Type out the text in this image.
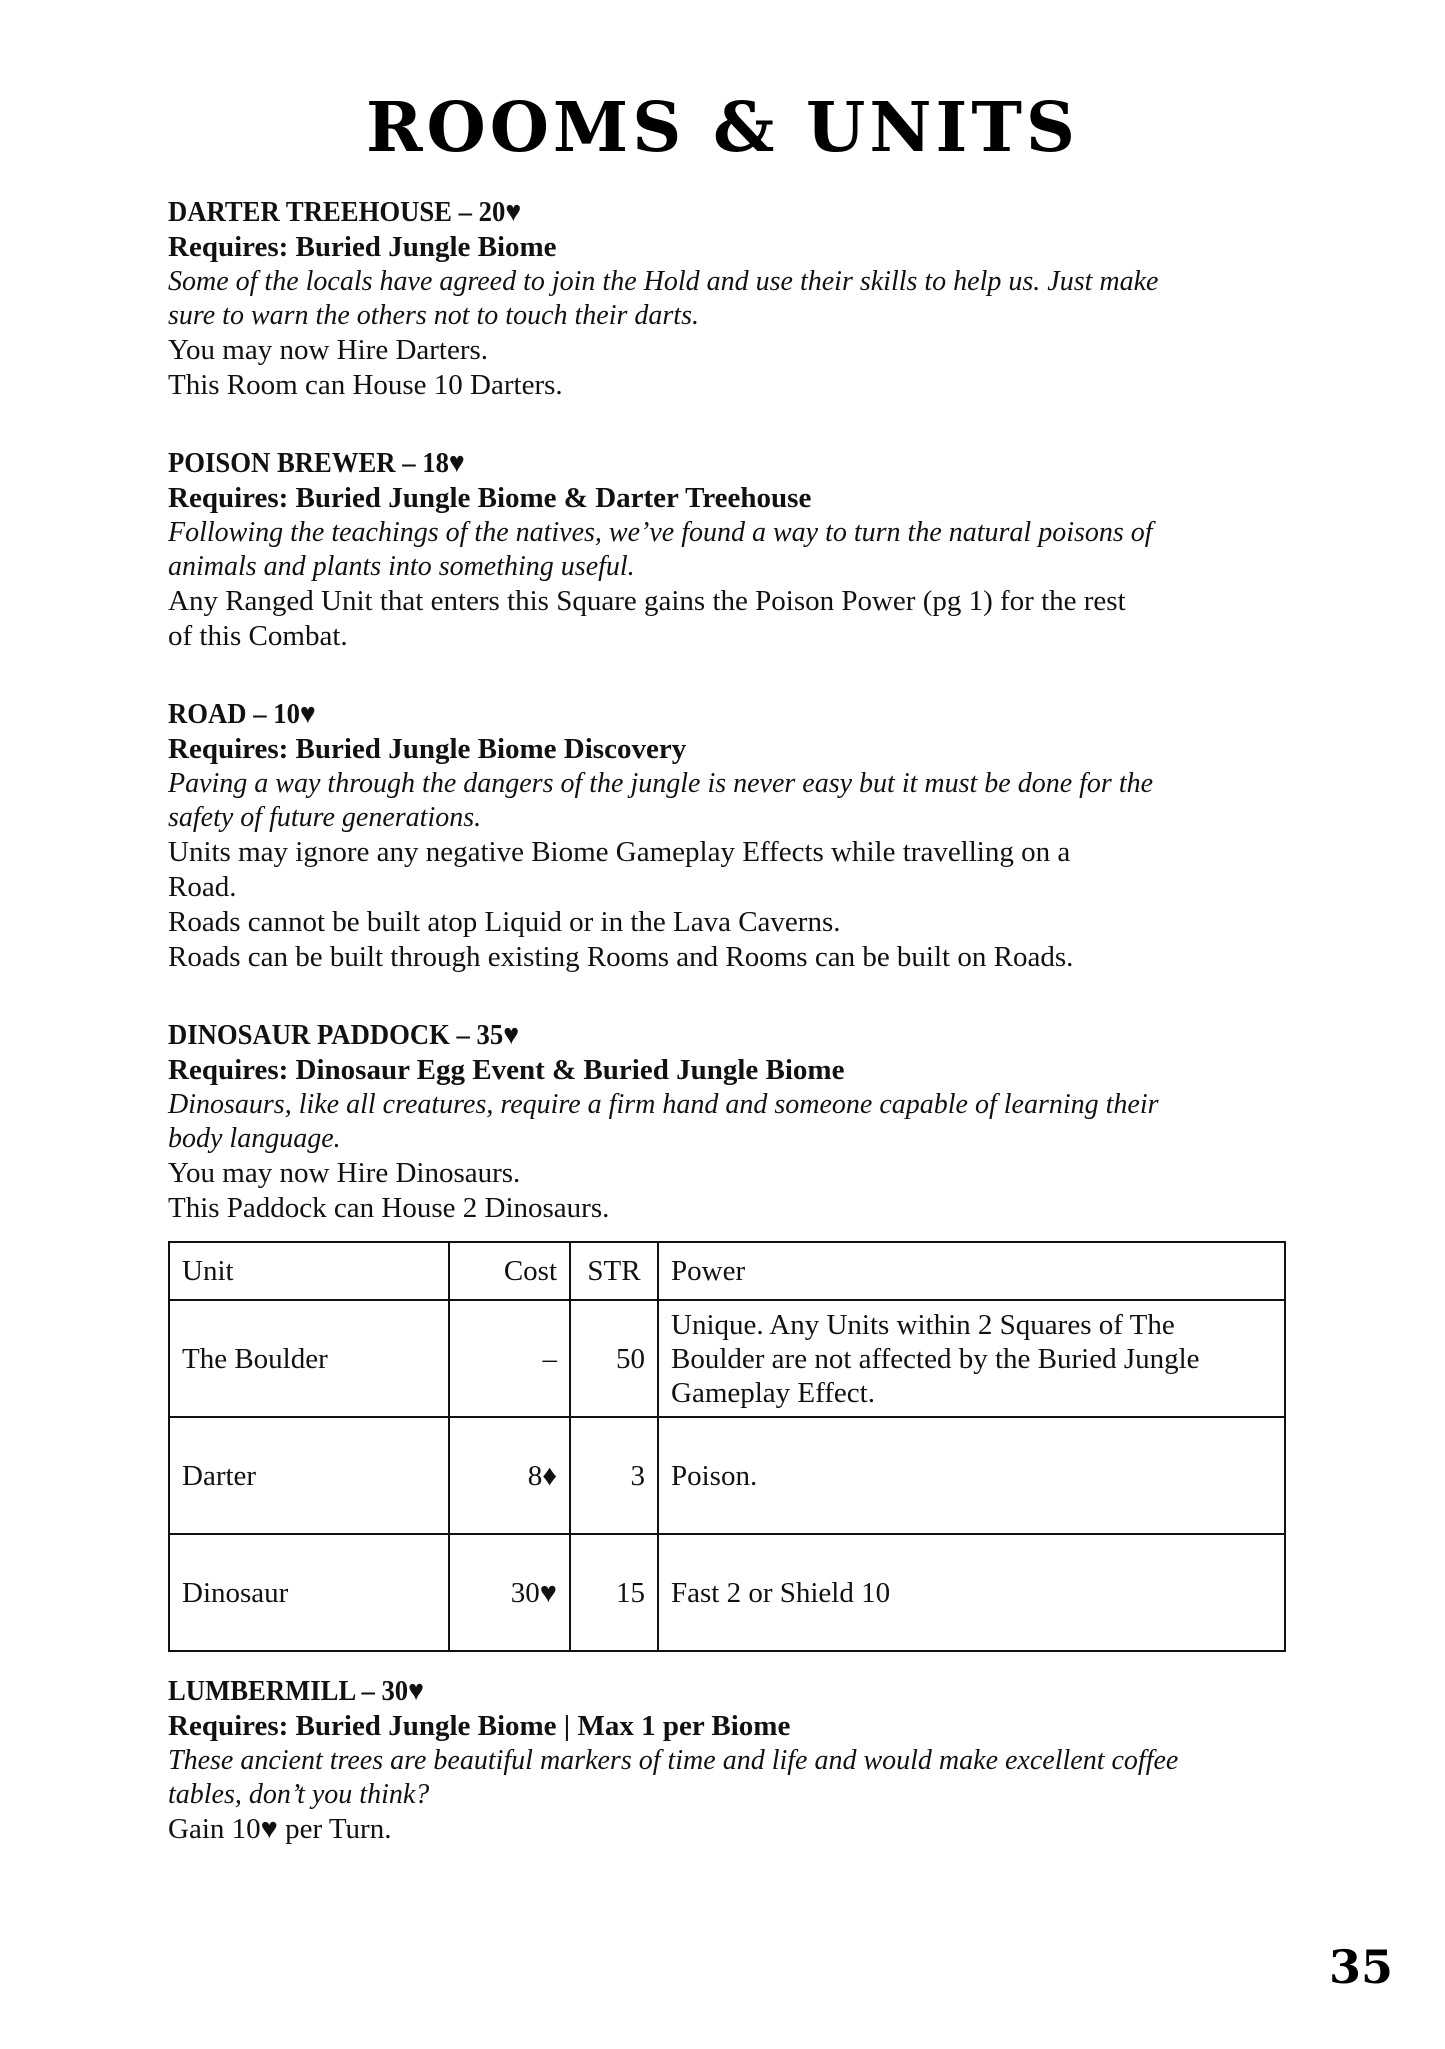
ROOMS & UNITS
DARTER TREEHOUSE – 20♥
Requires: Buried Jungle Biome
Some of the locals have agreed to join the Hold and use their skills to help us. Just make
sure to warn the others not to touch their darts.
You may now Hire Darters.
This Room can House 10 Darters.
POISON BREWER – 18♥
Requires: Buried Jungle Biome & Darter Treehouse
Following the teachings of the natives, we’ve found a way to turn the natural poisons of
animals and plants into something useful.
Any Ranged Unit that enters this Square gains the Poison Power (pg 1) for the rest
of this Combat.
ROAD – 10♥
Requires: Buried Jungle Biome Discovery
Paving a way through the dangers of the jungle is never easy but it must be done for the
safety of future generations.
Units may ignore any negative Biome Gameplay Effects while travelling on a
Road.
Roads cannot be built atop Liquid or in the Lava Caverns.
Roads can be built through existing Rooms and Rooms can be built on Roads.
DINOSAUR PADDOCK – 35♥
Requires: Dinosaur Egg Event & Buried Jungle Biome
Dinosaurs, like all creatures, require a firm hand and someone capable of learning their
body language.
You may now Hire Dinosaurs.
This Paddock can House 2 Dinosaurs.
Unit	Cost	STR	Power
The Boulder	–	50	Unique. Any Units within 2 Squares of The
Boulder are not affected by the Buried Jungle
Gameplay Effect.

Darter	8♦	3	Poison.

Dinosaur	30♥	15	Fast 2 or Shield 10
LUMBERMILL – 30♥
Requires: Buried Jungle Biome | Max 1 per Biome
These ancient trees are beautiful markers of time and life and would make excellent coffee
tables, don’t you think?
Gain 10♥ per Turn.
35
